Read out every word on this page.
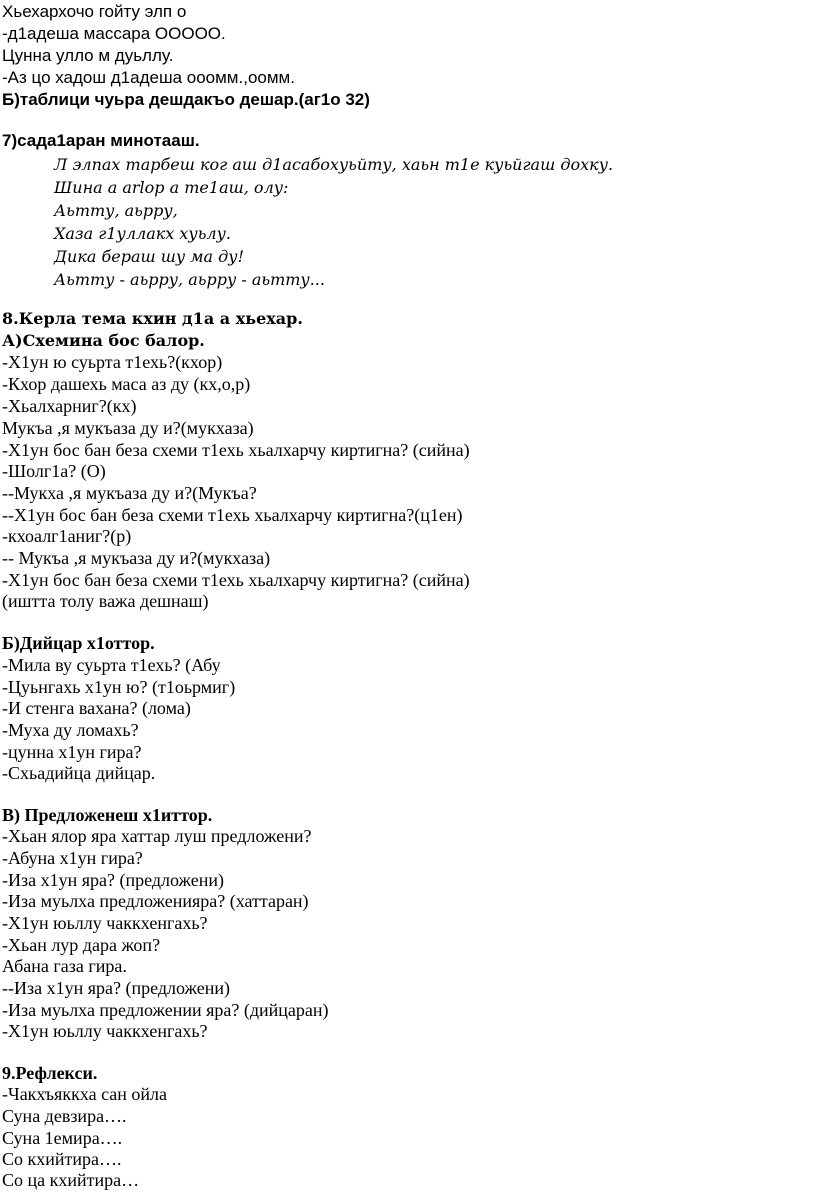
Хьехархочо гойту элп о
-д1адеша массара ООООО.
Цунна улло м дуьллу.
-Аз цо хадош д1адеша ооомм.,оомм.
Б)таблици чуьра дешдакъо дешар.(аг1о 32)
7)сада1аран минотааш.
Л элпах тарбеш ког аш д1асабохуьйту, хаьн т1е куьйгаш дохку.
Шина а аrlop а те1аш, олу:
Аьтту, аьрру,
Хаза г1уллакх хуьлу.
Дика бераш шу ма ду!
Аьтту - аьрру, аьрру - аьтту...
8.Керла тема кхин д1а а хьехар.
А)Схемина бос балор.
-Х1ун ю суьрта т1ехь?(кхор)
-Кхор дашехь маса аз ду (кх,о,р)
-Хьалхарниг?(кх)
Мукъа ,я мукъаза ду и?(мукхаза)
-Х1ун бос бан беза схеми т1ехь хьалхарчу киртигна? (сийна)
-Шолг1а? (О)
--Мукха ,я мукъаза ду и?(Мукъа?
--Х1ун бос бан беза схеми т1ехь хьалхарчу киртигна?(ц1ен)
-кхоалг1аниг?(р)
-- Мукъа ,я мукъаза ду и?(мукхаза)
-Х1ун бос бан беза схеми т1ехь хьалхарчу киртигна? (сийна)
(иштта толу важа дешнаш)
Б)Дийцар х1оттор.
-Мила ву суьрта т1ехь? (Абу
-Цуьнгахь х1ун ю? (т1оьрмиг)
-И стенга вахана? (лома)
-Муха ду ломахь?
-цунна х1ун гира?
-Схьадийца дийцар.
В) Предложенеш х1иттор.
-Хьан ялор яра хаттар луш предложени?
-Абуна х1ун гира?
-Иза х1ун яра? (предложени)
-Иза муьлха предложенияра? (хаттаран)
-Х1ун юьллу чаккхенгахь?
-Хьан лур дара жоп?
Абана газа гира.
--Иза х1ун яра? (предложени)
-Иза муьлха предложении яра? (дийцаран)
-Х1ун юьллу чаккхенгахь?
9.Рефлекси.
-Чакхъяккха сан ойла
Суна девзира….
Суна 1емира….
Со кхийтира….
Со ца кхийтира…
